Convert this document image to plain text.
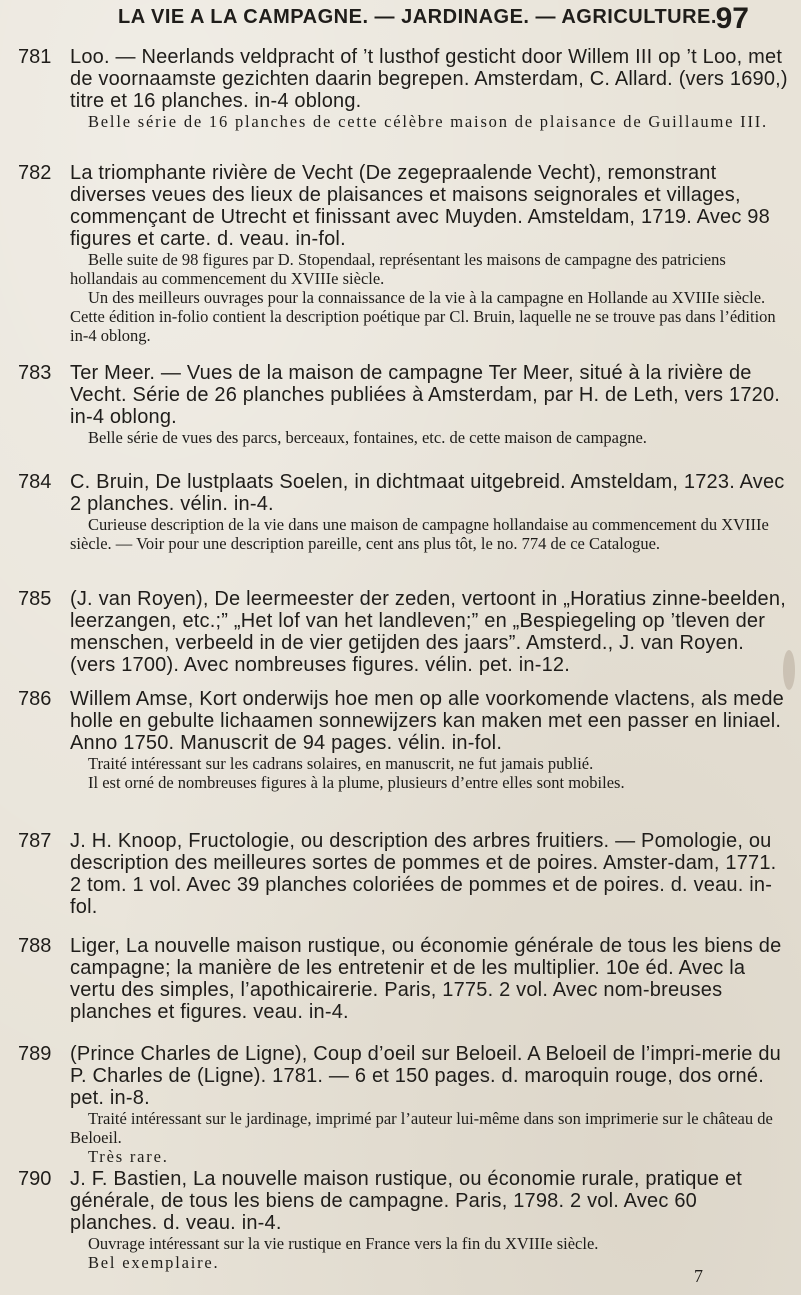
LA VIE A LA CAMPAGNE. — JARDINAGE. — AGRICULTURE.
97
781 Loo. — Neerlands veldpracht of ’t lusthof gesticht door Willem III op ’t Loo, met de voornaamste gezichten daarin begrepen. Amsterdam, C. Allard. (vers 1690,) titre et 16 planches. in-4 oblong.

Belle série de 16 planches de cette célèbre maison de plaisance de Guillaume III.

782 La triomphante rivière de Vecht (De zegepraalende Vecht), remonstrant diverses veues des lieux de plaisances et maisons seignorales et villages, commençant de Utrecht et finissant avec Muyden. Amsteldam, 1719. Avec 98 figures et carte. d. veau. in-fol.

Belle suite de 98 figures par D. Stopendaal, représentant les maisons de campagne des patriciens hollandais au commencement du XVIIIe siècle.

Un des meilleurs ouvrages pour la connaissance de la vie à la campagne en Hollande au XVIIIe siècle. Cette édition in-folio contient la description poétique par Cl. Bruin, laquelle ne se trouve pas dans l’édition in-4 oblong.

783 Ter Meer. — Vues de la maison de campagne Ter Meer, situé à la rivière de Vecht. Série de 26 planches publiées à Amsterdam, par H. de Leth, vers 1720. in-4 oblong.

Belle série de vues des parcs, berceaux, fontaines, etc. de cette maison de campagne.

784 C. Bruin, De lustplaats Soelen, in dichtmaat uitgebreid. Amsteldam, 1723. Avec 2 planches. vélin. in-4.

Curieuse description de la vie dans une maison de campagne hollandaise au commencement du XVIIIe siècle. — Voir pour une description pareille, cent ans plus tôt, le no. 774 de ce Catalogue.

785 (J. van Royen), De leermeester der zeden, vertoont in „Horatius zinne-beelden, leerzangen, etc.;” „Het lof van het landleven;” en „Bespiegeling op ’tleven der menschen, verbeeld in de vier getijden des jaars”. Amsterd., J. van Royen. (vers 1700). Avec nombreuses figures. vélin. pet. in-12.

786 Willem Amse, Kort onderwijs hoe men op alle voorkomende vlactens, als mede holle en gebulte lichaamen sonnewijzers kan maken met een passer en liniael. Anno 1750. Manuscrit de 94 pages. vélin. in-fol.

Traité intéressant sur les cadrans solaires, en manuscrit, ne fut jamais publié.

Il est orné de nombreuses figures à la plume, plusieurs d’entre elles sont mobiles.

787 J. H. Knoop, Fructologie, ou description des arbres fruitiers. — Pomologie, ou description des meilleures sortes de pommes et de poires. Amster-dam, 1771. 2 tom. 1 vol. Avec 39 planches coloriées de pommes et de poires. d. veau. in-fol.

788 Liger, La nouvelle maison rustique, ou économie générale de tous les biens de campagne; la manière de les entretenir et de les multiplier. 10e éd. Avec la vertu des simples, l’apothicairerie. Paris, 1775. 2 vol. Avec nom-breuses planches et figures. veau. in-4.

789 (Prince Charles de Ligne), Coup d’oeil sur Beloeil. A Beloeil de l’impri-merie du P. Charles de (Ligne). 1781. — 6 et 150 pages. d. maroquin rouge, dos orné. pet. in-8.

Traité intéressant sur le jardinage, imprimé par l’auteur lui-même dans son imprimerie sur le château de Beloeil.

Très rare.

790 J. F. Bastien, La nouvelle maison rustique, ou économie rurale, pratique et générale, de tous les biens de campagne. Paris, 1798. 2 vol. Avec 60 planches. d. veau. in-4.

Ouvrage intéressant sur la vie rustique en France vers la fin du XVIIIe siècle.

Bel exemplaire.

7
